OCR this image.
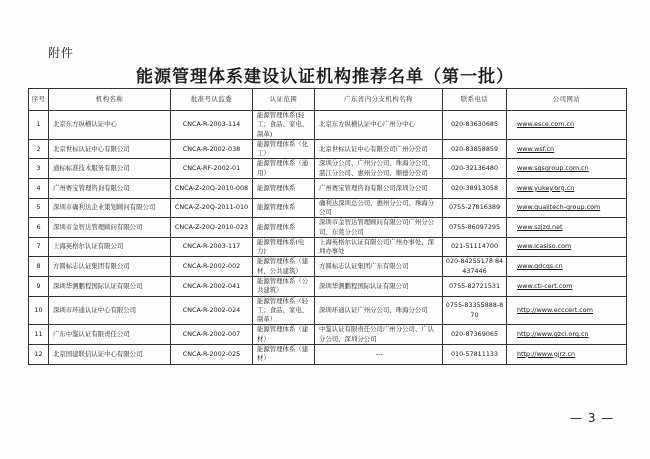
附件
能源管理体系建设认证机构推荐名单（第一批）
序号	机构名称	批准号认监委	认证范围	广东省内分支机构名称	联系电话	公司网站
1	北京东方纵横认证中心	CNCA-R-2003-114	能源管理体系(轻工；食品、家电、制革)	北京东方纵横认证中心广州分中心	020-83630685	www.esce.com.cn
2	北京世标认证中心有限公司	CNCA-R-2002-038	能源管理体系（化工）	北京世标认证中心有限公司广州分公司	020-83858859	www.wsf.cn
3	通标标准技术服务有限公司	CNCA-RF-2002-01	能源管理体系（通用）	深圳分公司、广州分公司、珠海分公司、湛江分公司、惠州分公司、顺德分公司	020-32136480	www.sgsgroup.com.cn
4	广州赛宝管理咨询有限公司	CNCA-Z-20Q-2010-008	能源管理体系	广州赛宝管理咨询有限公司深圳分公司	020-38913058	www.yukey.org.cn
5	深圳市确利达企业策划顾问有限公司	CNCA-Z-20Q-2011-010	能源管理体系	确利达深圳总公司、惠州分公司、珠海分公司	0755-27816389	www.qualitech-group.com
6	深圳市金智达管理顾问有限公司	CNCA-Z-20Q-2010-023	能源管理体系	深圳市金智达管理顾问有限公司广州分公司、东莞分公司	0755-86097295	www.szjzd.net
7	上海英格尔认证有限公司	CNCA-R-2003-117	能源管理体系(电力)	上海英格尔认证有限公司广州办事处、深圳办事处	021-51114700	www.icasiso.com
8	方圆标志认证集团有限公司	CNCA-R-2002-002	能源管理体系（建材、公共建筑）	方圆标志认证集团广东有限公司	020-84255178 84437446	www.gdcqs.cn
9	深圳华测鹏程国际认证有限公司	CNCA-R-2002-041	能源管理体系（公共建筑）	深圳华测鹏程国际认证有限公司	0755-82721531	www.cti-cert.com
10	深圳市环通认证中心有限公司	CNCA-R-2002-024	能源管理体系（轻工；食品、家电、制革）	深圳环通认证广州分公司、珠海分公司	0755-83355888-870	http://www.ecccert.com
11	广东中鉴认证有限责任公司	CNCA-R-2002-007	能源管理体系（建材）	中鉴认证有限责任公司广州分公司、广认分公司、深圳分公司	020-87369065	http://www.gzci.org.cn
12	北京国建联信认证中心有限公司	CNCA-R-2002-025	能源管理体系（建材）	---	010-57811133	http://www.gjrz.cn
— 3 —
